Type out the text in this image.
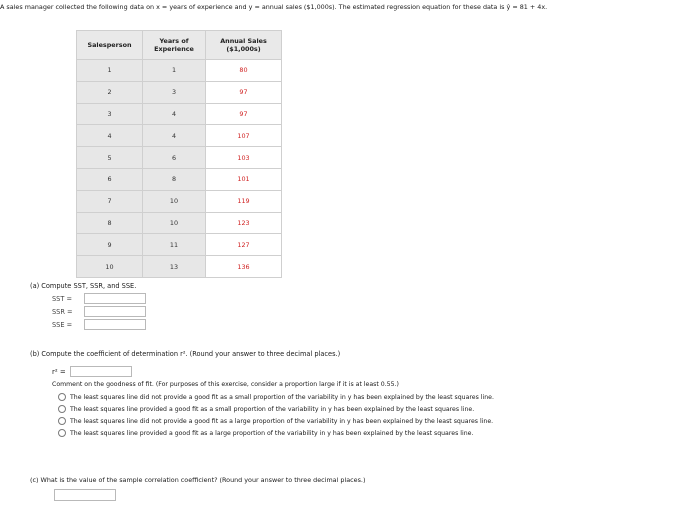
A sales manager collected the following data on x = years of experience and y = annual sales ($1,000s). The estimated regression equation for these data is ŷ = 81 + 4x.
Salesperson	Years of Experience	Annual Sales ($1,000s)
1	1	80
2	3	97
3	4	97
4	4	107
5	6	103
6	8	101
7	10	119
8	10	123
9	11	127
10	13	136
(a) Compute SST, SSR, and SSE.
SST =
SSR =
SSE =
(b) Compute the coefficient of determination r². (Round your answer to three decimal places.)
r² =
Comment on the goodness of fit. (For purposes of this exercise, consider a proportion large if it is at least 0.55.)
The least squares line did not provide a good fit as a small proportion of the variability in y has been explained by the least squares line.
The least squares line provided a good fit as a small proportion of the variability in y has been explained by the least squares line.
The least squares line did not provide a good fit as a large proportion of the variability in y has been explained by the least squares line.
The least squares line provided a good fit as a large proportion of the variability in y has been explained by the least squares line.
(c) What is the value of the sample correlation coefficient? (Round your answer to three decimal places.)
